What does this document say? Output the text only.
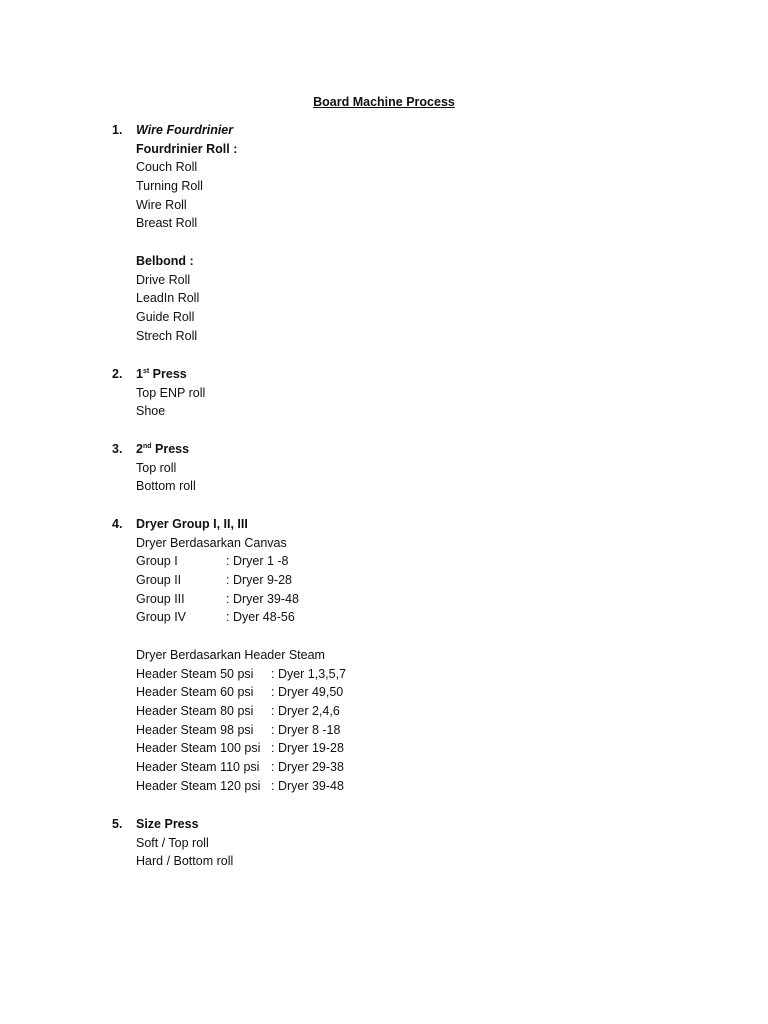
Board Machine Process
1.	Wire Fourdrinier
Fourdrinier Roll :
Couch Roll
Turning Roll
Wire Roll
Breast Roll
Belbond :
Drive Roll
LeadIn Roll
Guide Roll
Strech Roll
2.	1st Press
Top ENP roll
Shoe
3.	2nd Press
Top roll
Bottom roll
4.	Dryer Group I, II, III
Dryer Berdasarkan Canvas
Group I	: Dryer 1 -8
Group II	: Dryer 9-28
Group III	: Dryer 39-48
Group IV	: Dyer 48-56
Dryer Berdasarkan Header Steam
Header Steam 50 psi	: Dyer 1,3,5,7
Header Steam 60 psi	: Dryer 49,50
Header Steam 80 psi	: Dryer 2,4,6
Header Steam 98 psi	: Dryer 8 -18
Header Steam 100 psi : Dryer 19-28
Header Steam 110 psi : Dryer 29-38
Header Steam 120 psi : Dryer 39-48
5.	Size Press
Soft / Top roll
Hard / Bottom roll
